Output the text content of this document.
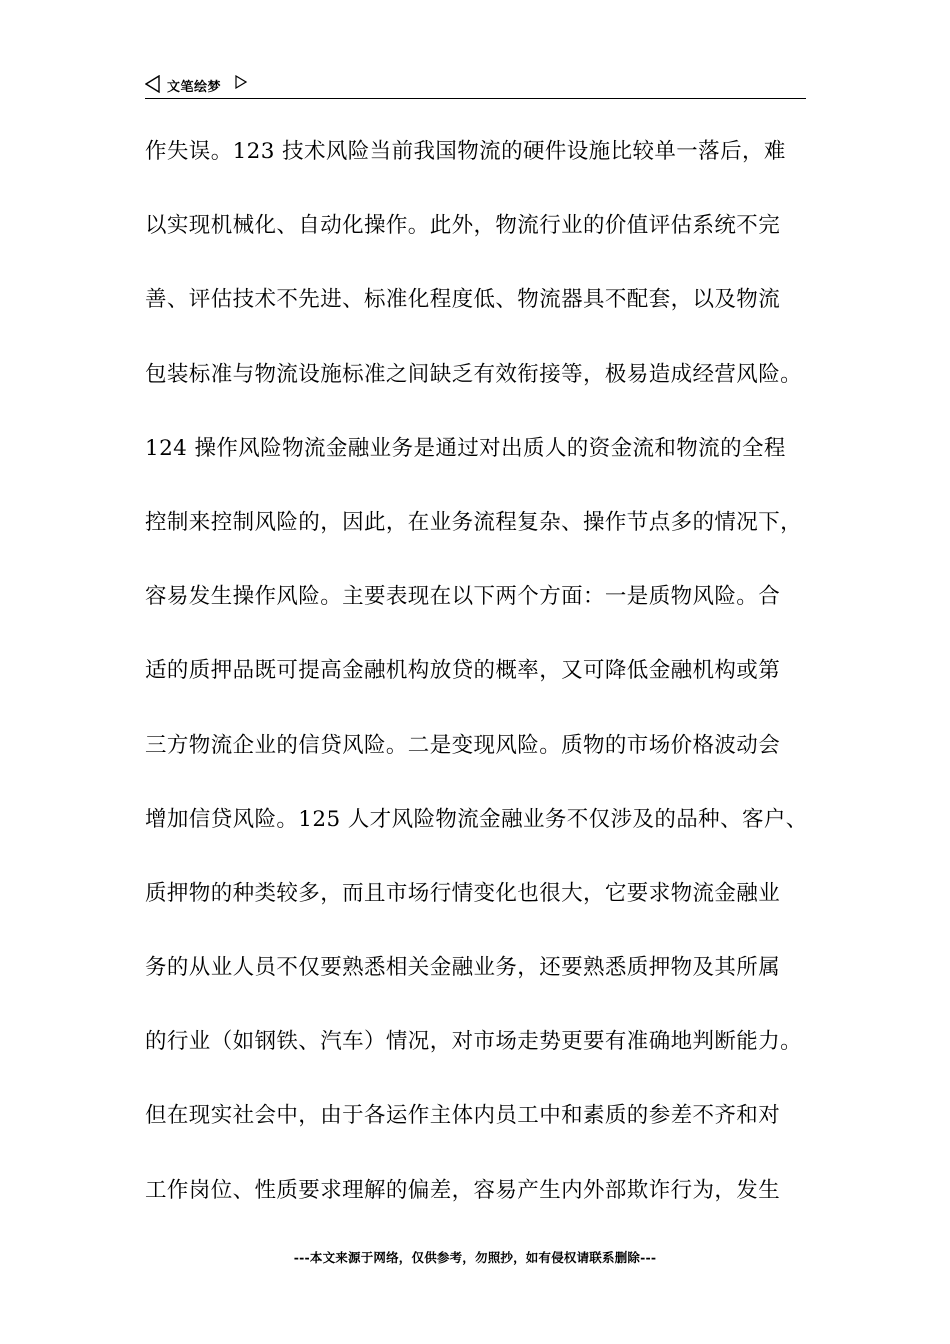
文笔绘梦
作失误。123 技术风险当前我国物流的硬件设施比较单一落后，难
以实现机械化、自动化操作。此外，物流行业的价值评估系统不完
善、评估技术不先进、标准化程度低、物流器具不配套，以及物流
包装标准与物流设施标准之间缺乏有效衔接等，极易造成经营风险。
124 操作风险物流金融业务是通过对出质人的资金流和物流的全程
控制来控制风险的，因此，在业务流程复杂、操作节点多的情况下，
容易发生操作风险。主要表现在以下两个方面：一是质物风险。合
适的质押品既可提高金融机构放贷的概率，又可降低金融机构或第
三方物流企业的信贷风险。二是变现风险。质物的市场价格波动会
增加信贷风险。125 人才风险物流金融业务不仅涉及的品种、客户、
质押物的种类较多，而且市场行情变化也很大，它要求物流金融业
务的从业人员不仅要熟悉相关金融业务，还要熟悉质押物及其所属
的行业（如钢铁、汽车）情况，对市场走势更要有准确地判断能力。
但在现实社会中，由于各运作主体内员工中和素质的参差不齐和对
工作岗位、性质要求理解的偏差，容易产生内外部欺诈行为，发生
---本文来源于网络，仅供参考，勿照抄，如有侵权请联系删除---
